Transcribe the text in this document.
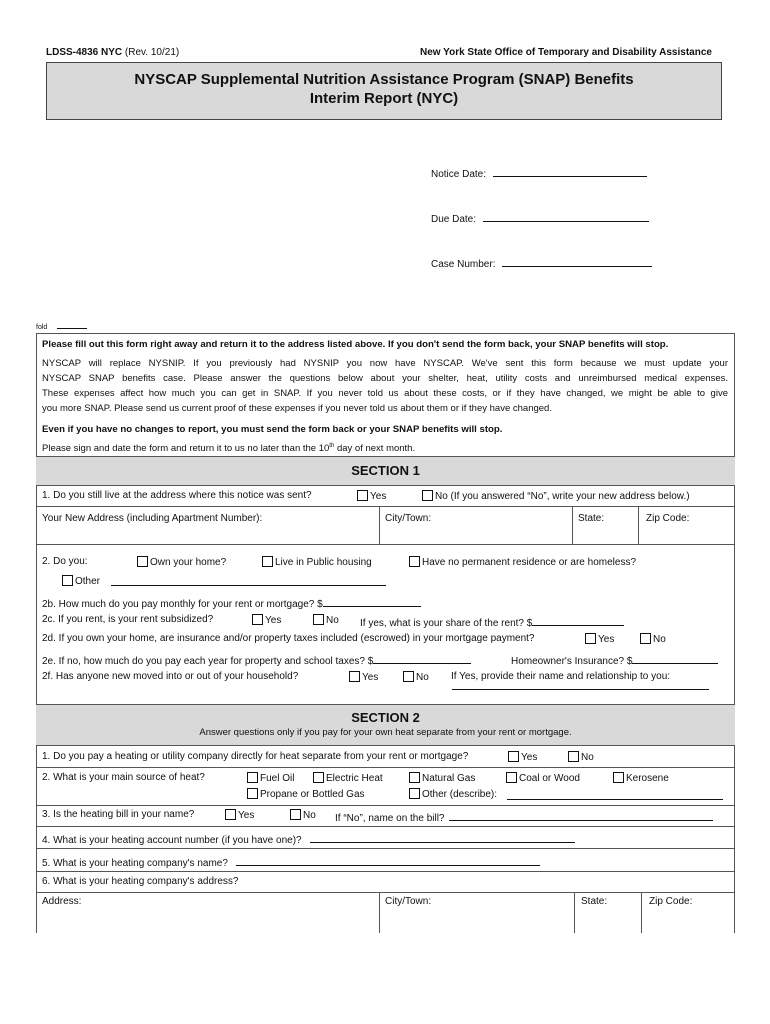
LDSS-4836 NYC (Rev. 10/21)	New York State Office of Temporary and Disability Assistance
NYSCAP Supplemental Nutrition Assistance Program (SNAP) Benefits
Interim Report (NYC)
Notice Date:
Due Date:
Case Number:
fold
Please fill out this form right away and return it to the address listed above. If you don't send the form back, your SNAP benefits will stop.
NYSCAP will replace NYSNIP. If you previously had NYSNIP you now have NYSCAP. We've sent this form because we must update your
NYSCAP SNAP benefits case. Please answer the questions below about your shelter, heat, utility costs and unreimbursed medical expenses.
These expenses affect how much you can get in SNAP. If you never told us about these costs, or if they have changed, we might be able to give
you more SNAP. Please send us current proof of these expenses if you never told us about them or if they have changed.
Even if you have no changes to report, you must send the form back or your SNAP benefits will stop.
Please sign and date the form and return it to us no later than the 10th day of next month.
SECTION 1
1. Do you still live at the address where this notice was sent?	Yes	No (If you answered “No”, write your new address below.)
Your New Address (including Apartment Number):	City/Town:	State:	Zip Code:
2. Do you:	Own your home?	Live in Public housing	Have no permanent residence or are homeless?
Other
2b. How much do you pay monthly for your rent or mortgage? $
2c. If you rent, is your rent subsidized?	Yes	No If yes, what is your share of the rent? $
2d. If you own your home, are insurance and/or property taxes included (escrowed) in your mortgage payment?	Yes	No
2e. If no, how much do you pay each year for property and school taxes? $	Homeowner's Insurance? $
2f. Has anyone new moved into or out of your household?	Yes	No If Yes, provide their name and relationship to you:
SECTION 2
Answer questions only if you pay for your own heat separate from your rent or mortgage.
1. Do you pay a heating or utility company directly for heat separate from your rent or mortgage?	Yes	No
2. What is your main source of heat?	Fuel Oil	Electric Heat	Natural Gas	Coal or Wood	Kerosene
Propane or Bottled Gas	Other (describe):
3. Is the heating bill in your name?	Yes	No If “No”, name on the bill?
4. What is your heating account number (if you have one)?
5. What is your heating company's name?
6. What is your heating company's address?
Address:	City/Town:	State:	Zip Code:
